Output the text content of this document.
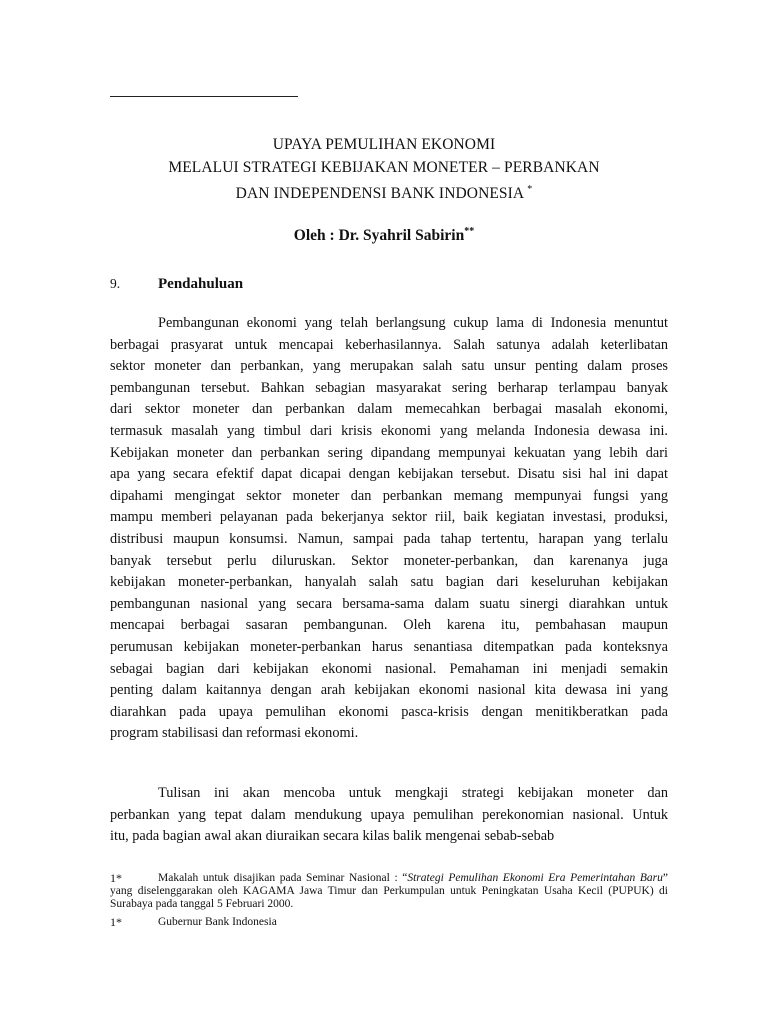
UPAYA PEMULIHAN EKONOMI
MELALUI STRATEGI KEBIJAKAN MONETER – PERBANKAN
DAN INDEPENDENSI BANK INDONESIA *
Oleh : Dr. Syahril Sabirin**
9.	Pendahuluan
Pembangunan ekonomi yang telah berlangsung cukup lama di Indonesia menuntut
berbagai prasyarat untuk mencapai keberhasilannya. Salah satunya adalah keterlibatan
sektor moneter dan perbankan, yang merupakan salah satu unsur penting dalam proses
pembangunan tersebut. Bahkan sebagian masyarakat sering berharap terlampau banyak
dari sektor moneter dan perbankan dalam memecahkan berbagai masalah ekonomi,
termasuk masalah yang timbul dari krisis ekonomi yang melanda Indonesia dewasa ini.
Kebijakan moneter dan perbankan sering dipandang mempunyai kekuatan yang lebih dari
apa yang secara efektif dapat dicapai dengan kebijakan tersebut. Disatu sisi hal ini dapat
dipahami mengingat sektor moneter dan perbankan memang mempunyai fungsi yang
mampu memberi pelayanan pada bekerjanya sektor riil, baik kegiatan investasi, produksi,
distribusi maupun konsumsi. Namun, sampai pada tahap tertentu, harapan yang terlalu
banyak tersebut perlu diluruskan. Sektor moneter-perbankan, dan karenanya juga
kebijakan moneter-perbankan, hanyalah salah satu bagian dari keseluruhan kebijakan
pembangunan nasional yang secara bersama-sama dalam suatu sinergi diarahkan untuk
mencapai berbagai sasaran pembangunan. Oleh karena itu, pembahasan maupun
perumusan kebijakan moneter-perbankan harus senantiasa ditempatkan pada konteksnya
sebagai bagian dari kebijakan ekonomi nasional. Pemahaman ini menjadi semakin
penting dalam kaitannya dengan arah kebijakan ekonomi nasional kita dewasa ini yang
diarahkan pada upaya pemulihan ekonomi pasca-krisis dengan menitikberatkan pada
program stabilisasi dan reformasi ekonomi.
Tulisan ini akan mencoba untuk mengkaji strategi kebijakan moneter dan
perbankan yang tepat dalam mendukung upaya pemulihan perekonomian nasional. Untuk
itu, pada bagian awal akan diuraikan secara kilas balik mengenai sebab-sebab
1*	Makalah untuk disajikan pada Seminar Nasional : “Strategi Pemulihan Ekonomi Era Pemerintahan Baru” yang diselenggarakan oleh KAGAMA Jawa Timur dan Perkumpulan untuk Peningkatan Usaha Kecil (PUPUK) di Surabaya pada tanggal 5 Februari 2000.
1*	Gubernur Bank Indonesia
